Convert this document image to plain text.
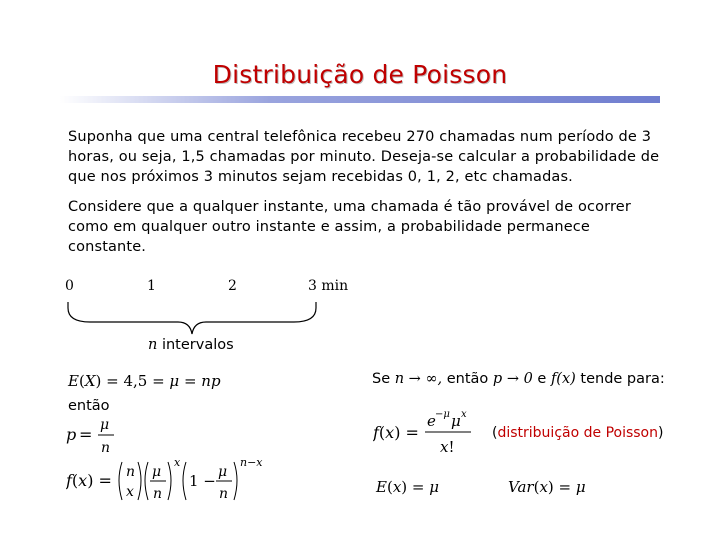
Distribuição de Poisson
Suponha que uma central telefônica recebeu 270 chamadas num período de 3 horas, ou seja, 1,5 chamadas por minuto. Deseja-se calcular a probabilidade de que nos próximos 3 minutos sejam recebidas 0, 1, 2, etc chamadas.
Considere que a qualquer instante, uma chamada é tão provável de ocorrer como em qualquer outro instante e assim, a probabilidade permanece constante.
0	1	2	3 min
n intervalos
E(X) = 4,5 = μ = np
então
p = μ
n
f(x) = n
x
μ
n
x
1 − μ
n
n−x
Se n → ∞, então p → 0 e f(x) tende para:
f(x) =
e −μ μ x
x!
(distribuição de Poisson)
E(x) = μ	Var(x) = μ
